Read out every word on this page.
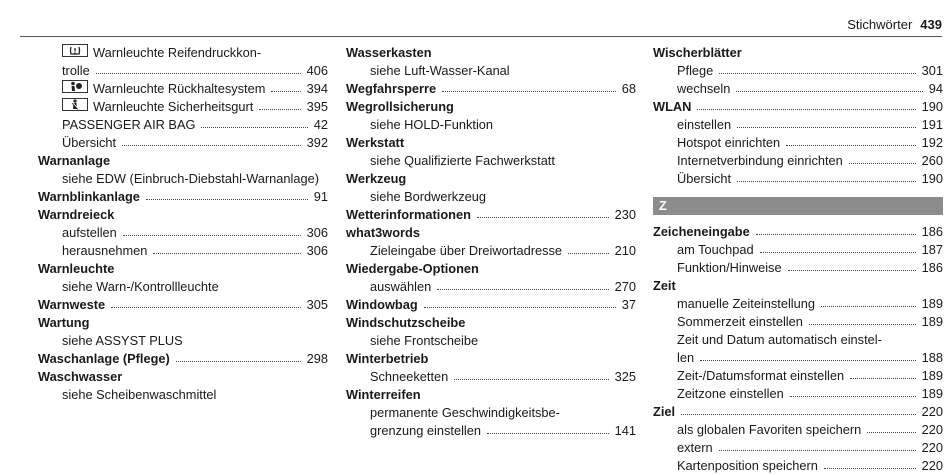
Stichwörter 439
Warnleuchte Reifendruckkon-
trolle	406
Warnleuchte Rückhaltesystem	394
Warnleuchte Sicherheitsgurt	395
PASSENGER AIR BAG	42
Übersicht	392
Warnanlage
siehe EDW (Einbruch-Diebstahl-Warnanlage)
Warnblinkanlage	91
Warndreieck
aufstellen	306
herausnehmen	306
Warnleuchte
siehe Warn-/Kontrollleuchte
Warnweste	305
Wartung
siehe ASSYST PLUS
Waschanlage (Pflege)	298
Waschwasser
siehe Scheibenwaschmittel
Wasserkasten
siehe Luft-Wasser-Kanal
Wegfahrsperre	68
Wegrollsicherung
siehe HOLD-Funktion
Werkstatt
siehe Qualifizierte Fachwerkstatt
Werkzeug
siehe Bordwerkzeug
Wetterinformationen	230
what3words
Zieleingabe über Dreiwortadresse	210
Wiedergabe-Optionen
auswählen	270
Windowbag	37
Windschutzscheibe
siehe Frontscheibe
Winterbetrieb
Schneeketten	325
Winterreifen
permanente Geschwindigkeitsbe-
grenzung einstellen	141
Wischerblätter
Pflege	301
wechseln	94
WLAN	190
einstellen	191
Hotspot einrichten	192
Internetverbindung einrichten	260
Übersicht	190
Z
Zeicheneingabe	186
am Touchpad	187
Funktion/Hinweise	186
Zeit
manuelle Zeiteinstellung	189
Sommerzeit einstellen	189
Zeit und Datum automatisch einstel-
len	188
Zeit-/Datumsformat einstellen	189
Zeitzone einstellen	189
Ziel	220
als globalen Favoriten speichern	220
extern	220
Kartenposition speichern	220
